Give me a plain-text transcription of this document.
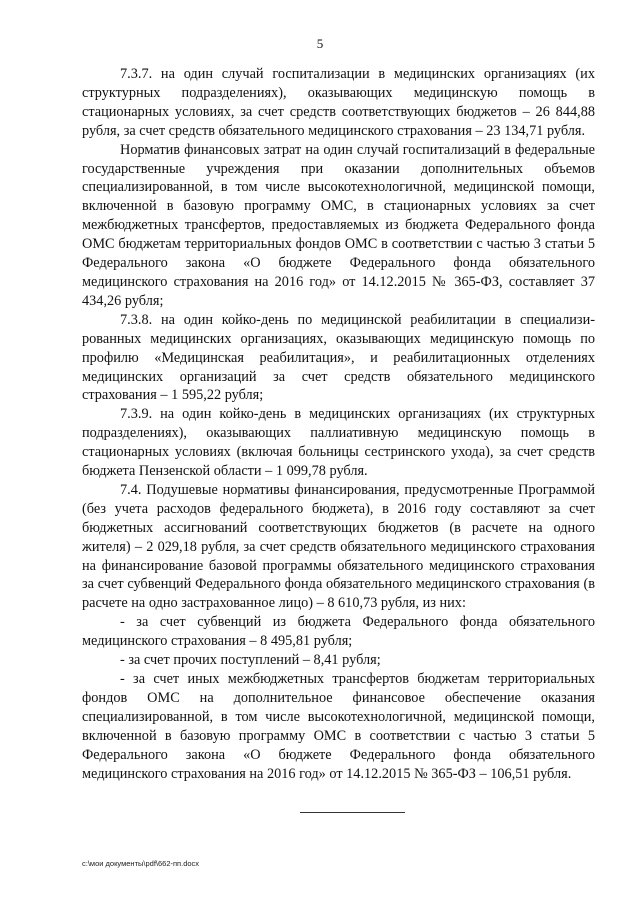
5

7.3.7. на один случай госпитализации в медицинских организациях (их структурных подразделениях), оказывающих медицинскую помощь в стационарных условиях, за счет средств соответствующих бюджетов – 26 844,88 рубля, за счет средств обязательного медицинского страхования – 23 134,71 рубля.

Норматив финансовых затрат на один случай госпитализаций в федеральные государственные учреждения при оказании дополнительных объемов специализированной, в том числе высокотехнологичной, медицинской помощи, включенной в базовую программу ОМС, в стационарных условиях за счет межбюджетных трансфертов, предоставляемых из бюджета Федерального фонда ОМС бюджетам территориальных фондов ОМС в соответствии с частью 3 статьи 5 Федерального закона «О бюджете Федерального фонда обязательного медицинского страхования на 2016 год» от 14.12.2015 № 365-ФЗ, составляет 37 434,26 рубля;

7.3.8. на один койко-день по медицинской реабилитации в специализированных медицинских организациях, оказывающих медицинскую помощь по профилю «Медицинская реабилитация», и реабилитационных отделениях медицинских организаций за счет средств обязательного медицинского страхования – 1 595,22 рубля;

7.3.9. на один койко-день в медицинских организациях (их структурных подразделениях), оказывающих паллиативную медицинскую помощь в стационарных условиях (включая больницы сестринского ухода), за счет средств бюджета Пензенской области – 1 099,78 рубля.

7.4. Подушевые нормативы финансирования, предусмотренные Программой (без учета расходов федерального бюджета), в 2016 году составляют за счет бюджетных ассигнований соответствующих бюджетов (в расчете на одного жителя) – 2 029,18 рубля, за счет средств обязательного медицинского страхования на финансирование базовой программы обязательного медицинского страхования за счет субвенций Федерального фонда обязательного медицинского страхования (в расчете на одно застрахованное лицо) – 8 610,73 рубля, из них:

- за счет субвенций из бюджета Федерального фонда обязательного медицинского страхования – 8 495,81 рубля;

- за счет прочих поступлений – 8,41 рубля;

- за счет иных межбюджетных трансфертов бюджетам территориальных фондов ОМС на дополнительное финансовое обеспечение оказания специализированной, в том числе высокотехнологичной, медицинской помощи, включенной в базовую программу ОМС в соответствии с частью 3 статьи 5 Федерального закона «О бюджете Федерального фонда обязательного медицинского страхования на 2016 год» от 14.12.2015 № 365-ФЗ – 106,51 рубля.

c:\мои документы\pdf\662-пп.docx
